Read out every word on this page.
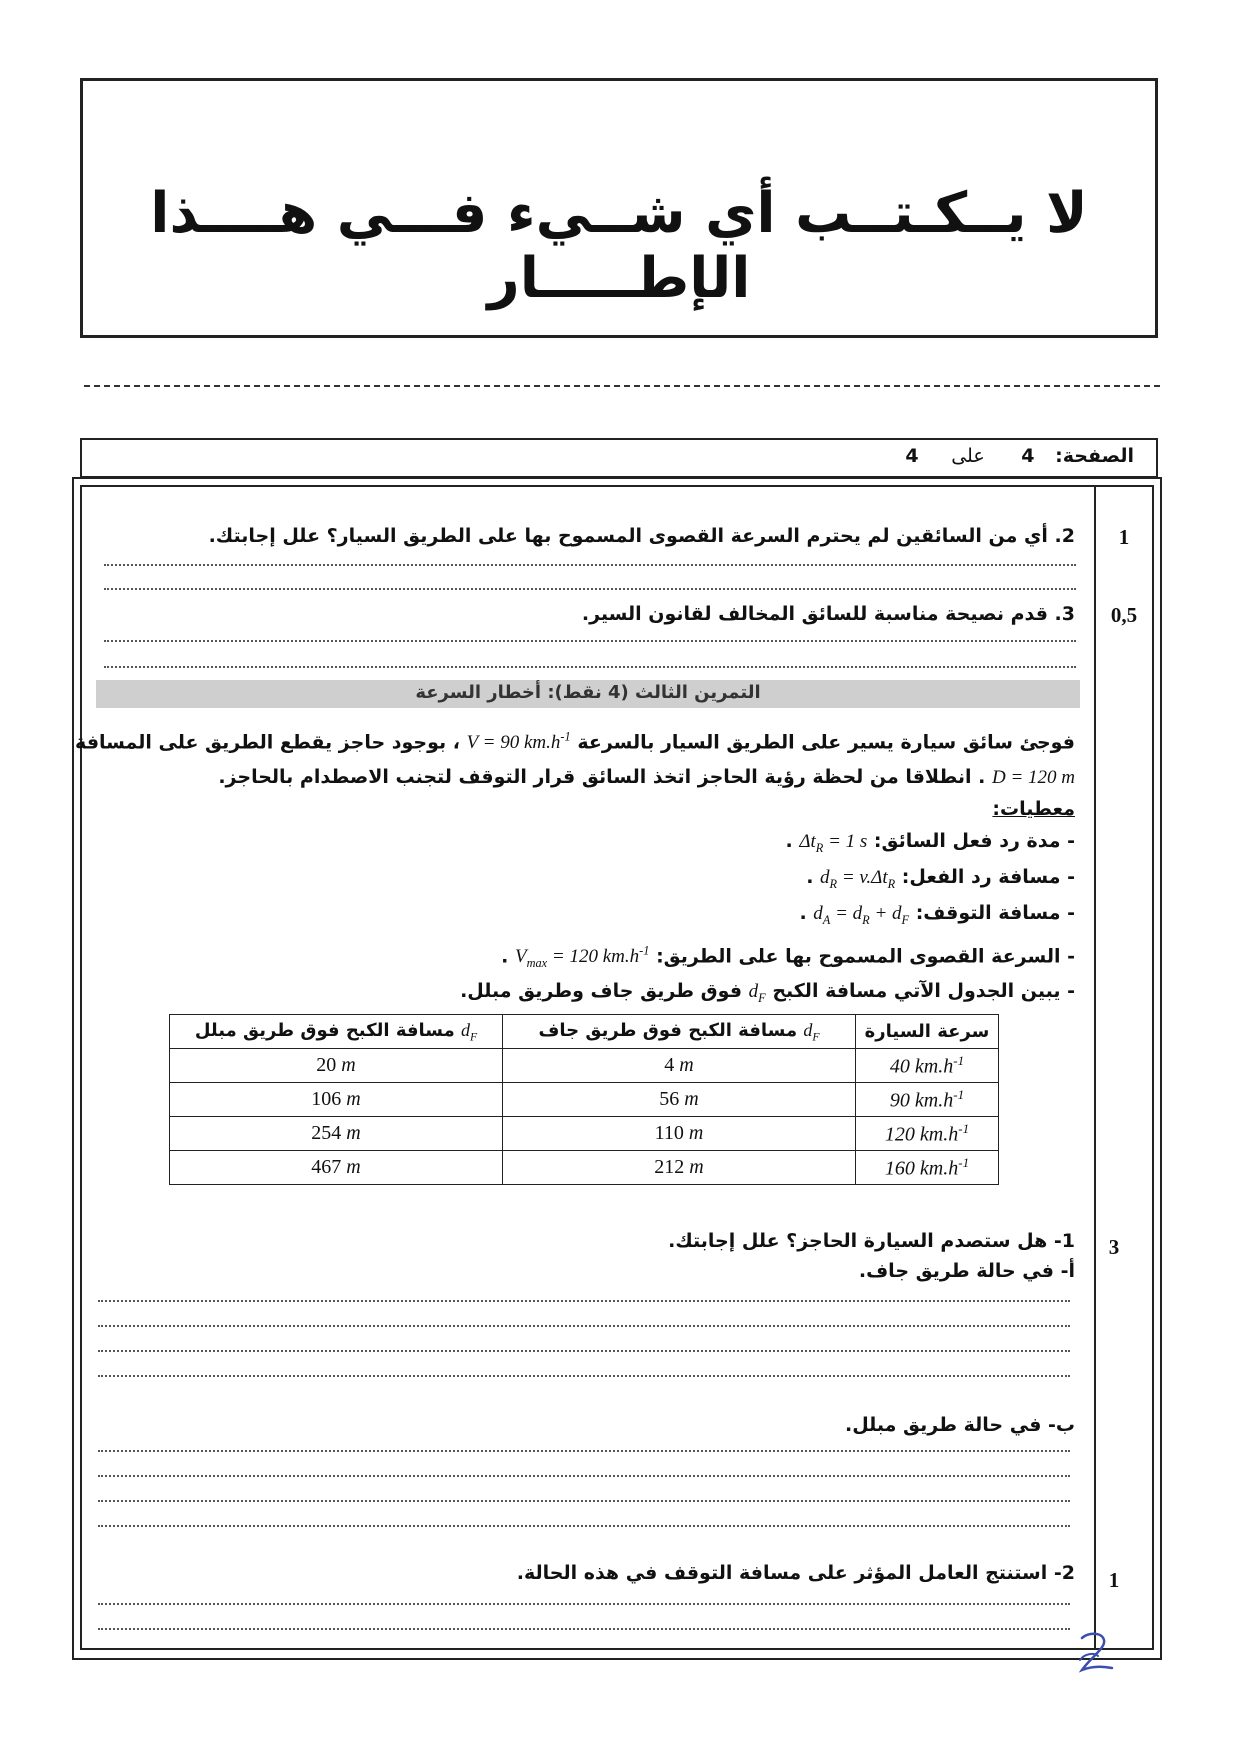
لا يــكـتــب أي شــيء فـــي هــــذا الإطـــــار
الصفحة: 4 على 4
1
2. أي من السائقين لم يحترم السرعة القصوى المسموح بها على الطريق السيار؟ علل إجابتك.
0,5
3. قدم نصيحة مناسبة للسائق المخالف لقانون السير.
التمرين الثالث (4 نقط): أخطار السرعة
فوجئ سائق سيارة يسير على الطريق السيار بالسرعة V = 90 $km.h^{-1}$ ، بوجود حاجز يقطع الطريق على المسافة
D = 120 m . انطلاقا من لحظة رؤية الحاجز اتخذ السائق قرار التوقف لتجنب الاصطدام بالحاجز.
معطيات:
- مدة رد فعل السائق: $\Delta t_R = 1$ s .
- مسافة رد الفعل: $d_R = v.\Delta t_R$ .
- مسافة التوقف: $d_A = d_R + d_F$ .
- السرعة القصوى المسموح بها على الطريق: $V_{max} = 120$ $km.h^{-1}$ .
- يبين الجدول الآتي مسافة الكبح $d_F$ فوق طريق جاف وطريق مبلل.
سرعة السيارة	$d_F$ مسافة الكبح فوق طريق جاف	$d_F$ مسافة الكبح فوق طريق مبلل
40 $km.h^{-1}$	4 m	20 m
90 $km.h^{-1}$	56 m	106 m
120 $km.h^{-1}$	110 m	254 m
160 $km.h^{-1}$	212 m	467 m
3
1- هل ستصدم السيارة الحاجز؟ علل إجابتك.
أ- في حالة طريق جاف.
ب- في حالة طريق مبلل.
1
2- استنتج العامل المؤثر على مسافة التوقف في هذه الحالة.
